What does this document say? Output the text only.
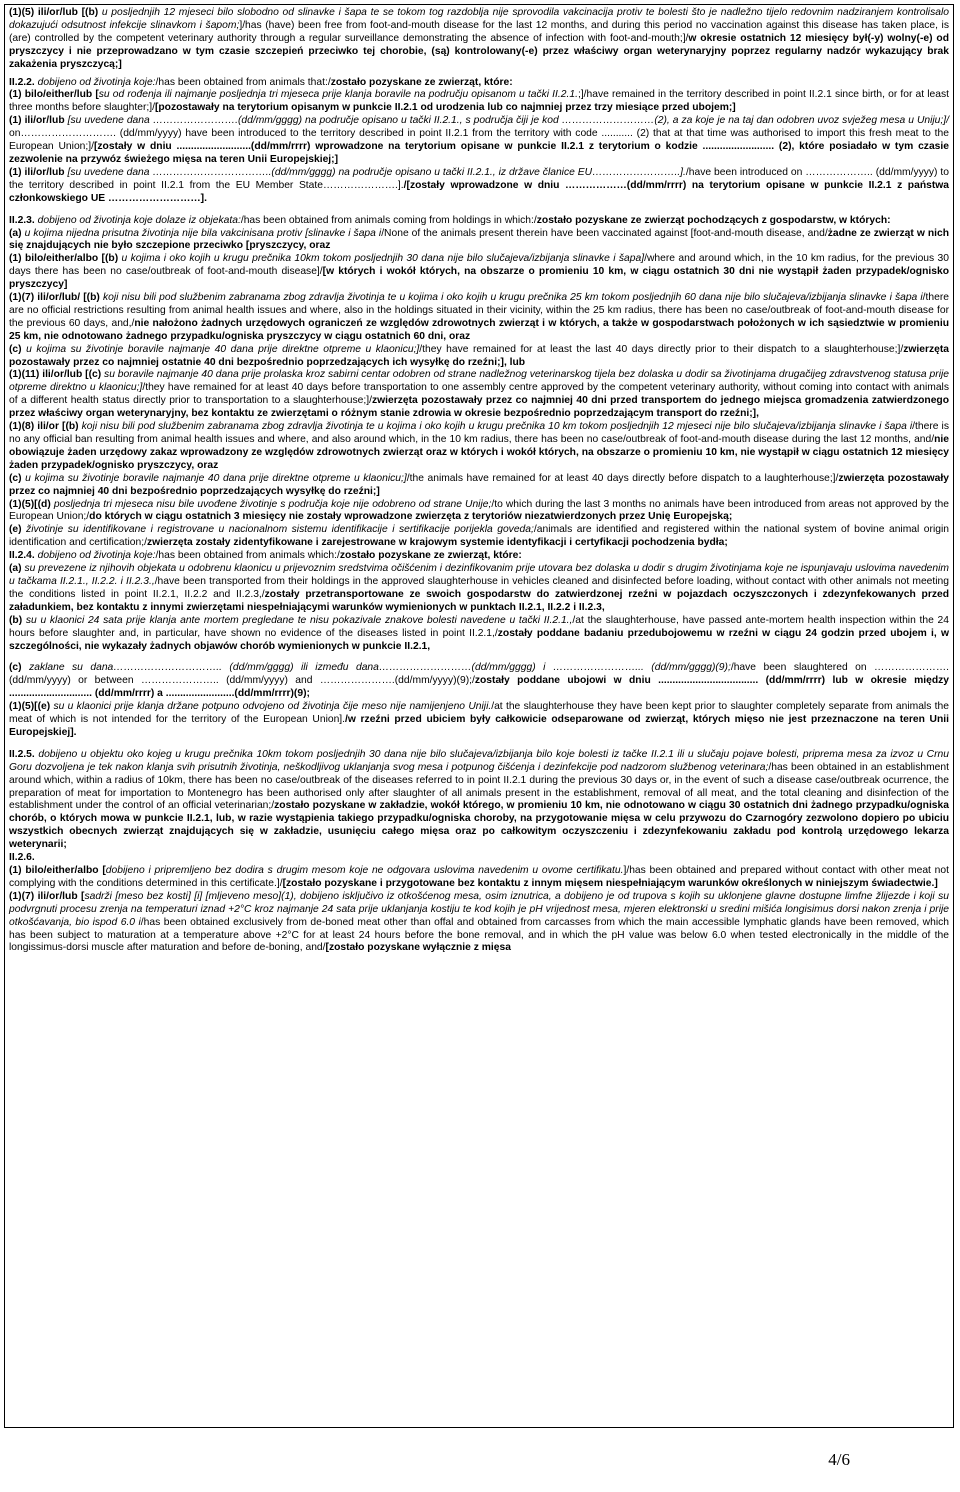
(1)(5) ili/or/lub [(b) u posljednjih 12 mjeseci bilo slobodno od slinavke i šapa te se tokom tog razdoblja nije sprovodila vakcinacija protiv te bolesti što je nadležno tijelo redovnim nadziranjem kontrolisalo dokazujući odsutnost infekcije slinavkom i šapom;]/has (have) been free from foot-and-mouth disease for the last 12 months, and during this period no vaccination against this disease has taken place, is (are) controlled by the competent veterinary authority through a regular surveillance demonstrating the absence of infection with foot-and-mouth;]/w okresie ostatnich 12 miesięcy był(-y) wolny(-e) od pryszczycy i nie przeprowadzano w tym czasie szczepień przeciwko tej chorobie, (są) kontrolowany(-e) przez właściwy organ weterynaryjny poprzez regularny nadzór wykazujący brak zakażenia pryszczycą;]

II.2.2. dobijeno od životinja koje:/has been obtained from animals that:/zostało pozyskane ze zwierząt, które:

(1) bilo/either/lub [su od rođenja ili najmanje posljednja tri mjeseca prije klanja boravile na području opisanom u tački II.2.1.;]/have remained in the territory described in point II.2.1 since birth, or for at least three months before slaughter;]/[pozostawały na terytorium opisanym w punkcie II.2.1 od urodzenia lub co najmniej przez trzy miesiące przed ubojem;]

(1) ili/or/lub [su uvedene dana …………………….(dd/mm/gggg) na područje opisano u tački II.2.1., s područja čiji je kod ………………………(2), a za koje je na taj dan odobren uvoz svježeg mesa u Uniju;]/ on………………………. (dd/mm/yyyy) have been introduced to the territory described in point II.2.1 from the territory with code ........... (2) that at that time was authorised to import this fresh meat to the European Union;]/[zostały w dniu ..........................(dd/mm/rrrr) wprowadzone na terytorium opisane w punkcie II.2.1 z terytorium o kodzie ......................... (2), które posiadało w tym czasie zezwolenie na przywóz świeżego mięsa na teren Unii Europejskiej;]

(1) ili/or/lub [su uvedene dana ……………………………..(dd/mm/gggg) na područje opisano u tački II.2.1., iz države članice EU……………………..]./have been introduced on ……………….. (dd/mm/yyyy) to the territory described in point II.2.1 from the EU Member State………………….]./[zostały wprowadzone w dniu ………………(dd/mm/rrrr) na terytorium opisane w punkcie II.2.1 z państwa członkowskiego UE ………………………].

II.2.3. dobijeno od životinja koje dolaze iz objekata:/has been obtained from animals coming from holdings in which:/zostało pozyskane ze zwierząt pochodzących z gospodarstw, w których:

(a) u kojima nijedna prisutna životinja nije bila vakcinisana protiv [slinavke i šapa i/None of the animals present therein have been vaccinated against [foot-and-mouth disease, and/żadne ze zwierząt w nich się znajdujących nie było szczepione przeciwko [pryszczycy, oraz

(1) bilo/either/albo [(b) u kojima i oko kojih u krugu prečnika 10km tokom posljednjih 30 dana nije bilo slučajeva/izbijanja slinavke i šapa]/where and around which, in the 10 km radius, for the previous 30 days there has been no case/outbreak of foot-and-mouth disease]/[w których i wokół których, na obszarze o promieniu 10 km, w ciągu ostatnich 30 dni nie wystąpił żaden przypadek/ognisko pryszczycy]

(1)(7) ili/or/lub/ [(b) koji nisu bili pod službenim zabranama zbog zdravlja životinja te u kojima i oko kojih u krugu prečnika 25 km tokom posljednjih 60 dana nije bilo slučajeva/izbijanja slinavke i šapa i/there are no official restrictions resulting from animal health issues and where, also in the holdings situated in their vicinity, within the 25 km radius, there has been no case/outbreak of foot-and-mouth disease for the previous 60 days, and,/nie nałożono żadnych urzędowych ograniczeń ze względów zdrowotnych zwierząt i w których, a także w gospodarstwach położonych w ich sąsiedztwie w promieniu 25 km, nie odnotowano żadnego przypadku/ogniska pryszczycy w ciągu ostatnich 60 dni, oraz

(c) u kojima su životinje boravile najmanje 40 dana prije direktne otpreme u klaonicu;]/they have remained for at least the last 40 days directly prior to their dispatch to a slaughterhouse;]/zwierzęta pozostawały przez co najmniej ostatnie 40 dni bezpośrednio poprzedzających ich wysyłkę do rzeźni;], lub

(1)(11) ili/or/lub [(c) su boravile najmanje 40 dana prije prolaska kroz sabirni centar odobren od strane nadležnog veterinarskog tijela bez dolaska u dodir sa životinjama drugačijeg zdravstvenog statusa prije otpreme direktno u klaonicu;]/they have remained for at least 40 days before transportation to one assembly centre approved by the competent veterinary authority, without coming into contact with animals of a different health status directly prior to transportation to a slaughterhouse;]/zwierzęta pozostawały przez co najmniej 40 dni przed transportem do jednego miejsca gromadzenia zatwierdzonego przez właściwy organ weterynaryjny, bez kontaktu ze zwierzętami o różnym stanie zdrowia w okresie bezpośrednio poprzedzającym transport do rzeźni;],

(1)(8) ili/or [(b) koji nisu bili pod službenim zabranama zbog zdravlja životinja te u kojima i oko kojih u krugu prečnika 10 km tokom posljednjih 12 mjeseci nije bilo slučajeva/izbijanja slinavke i šapa i/there is no any official ban resulting from animal health issues and where, and also around which, in the 10 km radius, there has been no case/outbreak of foot-and-mouth disease during the last 12 months, and/nie obowiązuje żaden urzędowy zakaz wprowadzony ze względów zdrowotnych zwierząt oraz w których i wokół których, na obszarze o promieniu 10 km, nie wystąpił w ciągu ostatnich 12 miesięcy żaden przypadek/ognisko pryszczycy, oraz

(c) u kojima su životinje boravile najmanje 40 dana prije direktne otpreme u klaonicu;]/the animals have remained for at least 40 days directly before dispatch to a laughterhouse;]/zwierzęta pozostawały przez co najmniej 40 dni bezpośrednio poprzedzających wysyłkę do rzeźni;]

(1)(5)[(d) posljednja tri mjeseca nisu bile uvođene životinje s područja koje nije odobreno od strane Unije;/to which during the last 3 months no animals have been introduced from areas not approved by the European Union;/do których w ciągu ostatnich 3 miesięcy nie zostały wprowadzone zwierzęta z terytoriów niezatwierdzonych przez Unię Europejską;

(e) životinje su identifikovane i registrovane u nacionalnom sistemu identifikacije i sertifikacije porijekla goveda;/animals are identified and registered within the national system of bovine animal origin identification and certification;/zwierzęta zostały zidentyfikowane i zarejestrowane w krajowym systemie identyfikacji i certyfikacji pochodzenia bydła;

II.2.4. dobijeno od životinja koje:/has been obtained from animals which:/zostało pozyskane ze zwierząt, które:

(a) su prevezene iz njihovih objekata u odobrenu klaonicu u prijevoznim sredstvima očišćenim i dezinfikovanim prije utovara bez dolaska u dodir s drugim životinjama koje ne ispunjavaju uslovima navedenim u tačkama II.2.1., II.2.2. i II.2.3.,/have been transported from their holdings in the approved slaughterhouse in vehicles cleaned and disinfected before loading, without contact with other animals not meeting the conditions listed in point II.2.1, II.2.2 and II.2.3,/zostały przetransportowane ze swoich gospodarstw do zatwierdzonej rzeźni w pojazdach oczyszczonych i zdezynfekowanych przed załadunkiem, bez kontaktu z innymi zwierzętami niespełniającymi warunków wymienionych w punktach II.2.1, II.2.2 i II.2.3,

(b) su u klaonici 24 sata prije klanja ante mortem pregledane te nisu pokazivale znakove bolesti navedene u tački II.2.1.,/at the slaughterhouse, have passed ante-mortem health inspection within the 24 hours before slaughter and, in particular, have shown no evidence of the diseases listed in point II.2.1,/zostały poddane badaniu przedubojowemu w rzeźni w ciągu 24 godzin przed ubojem i, w szczególności, nie wykazały żadnych objawów chorób wymienionych w punkcie II.2.1,

(c) zaklane su dana………………………….. (dd/mm/gggg) ili između dana………………………(dd/mm/gggg) i ……………………... (dd/mm/gggg)(9);/have been slaughtered on …………………. (dd/mm/yyyy) or between ………………….. (dd/mm/yyyy) and ………………….(dd/mm/yyyy)(9);/zostały poddane ubojowi w dniu ................................... (dd/mm/rrrr) lub w okresie między ............................. (dd/mm/rrrr) a ........................(dd/mm/rrrr)(9);

(1)(5)[(e) su u klaonici prije klanja držane potpuno odvojeno od životinja čije meso nije namijenjeno Uniji./at the slaughterhouse they have been kept prior to slaughter completely separate from animals the meat of which is not intended for the territory of the European Union]./w rzeźni przed ubiciem były całkowicie odseparowane od zwierząt, których mięso nie jest przeznaczone na teren Unii Europejskiej].

II.2.5. dobijeno u objektu oko kojeg u krugu prečnika 10km tokom posljednjih 30 dana nije bilo slučajeva/izbijanja bilo koje bolesti iz tačke II.2.1 ili u slučaju pojave bolesti, priprema mesa za izvoz u Crnu Goru dozvoljena je tek nakon klanja svih prisutnih životinja, neškodljivog uklanjanja svog mesa i potpunog čišćenja i dezinfekcije pod nadzorom službenog veterinara;/has been obtained in an establishment around which, within a radius of 10km, there has been no case/outbreak of the diseases referred to in point II.2.1 during the previous 30 days or, in the event of such a disease case/outbreak ocurrence, the preparation of meat for importation to Montenegro has been authorised only after slaughter of all animals present in the establishment, removal of all meat, and the total cleaning and disinfection of the establishment under the control of an official veterinarian;/zostało pozyskane w zakładzie, wokół którego, w promieniu 10 km, nie odnotowano w ciągu 30 ostatnich dni żadnego przypadku/ogniska chorób, o których mowa w punkcie II.2.1, lub, w razie wystąpienia takiego przypadku/ogniska choroby, na przygotowanie mięsa w celu przywozu do Czarnogóry zezwolono dopiero po ubiciu wszystkich obecnych zwierząt znajdujących się w zakładzie, usunięciu całego mięsa oraz po całkowitym oczyszczeniu i zdezynfekowaniu zakładu pod kontrolą urzędowego lekarza weterynarii;

II.2.6.

(1) bilo/either/albo [dobijeno i pripremljeno bez dodira s drugim mesom koje ne odgovara uslovima navedenim u ovome certifikatu.]/has been obtained and prepared without contact with other meat not complying with the conditions determined in this certificate.]/[zostało pozyskane i przygotowane bez kontaktu z innym mięsem niespełniającym warunków określonych w niniejszym świadectwie.]

(1)(7) ili/or/lub [sadrži [meso bez kosti] [i] [mljeveno meso](1), dobijeno isključivo iz otkošćenog mesa, osim iznutrica, a dobijeno je od trupova s kojih su uklonjene glavne dostupne limfne žlijezde i koji su podvrgnuti procesu zrenja na temperaturi iznad +2°C kroz najmanje 24 sata prije uklanjanja kostiju te kod kojih je pH vrijednost mesa, mjeren elektronski u sredini mišića longisimus dorsi nakon zrenja i prije otkošćavanja, bio ispod 6.0 i/has been obtained exclusively from de-boned meat other than offal and obtained from carcasses from which the main accessible lymphatic glands have been removed, which has been subject to maturation at a temperature above +2°C for at least 24 hours before the bone removal, and in which the pH value was below 6.0 when tested electronically in the middle of the longissimus-dorsi muscle after maturation and before de-boning, and/[zostało pozyskane wyłącznie z mięsa

4/6
